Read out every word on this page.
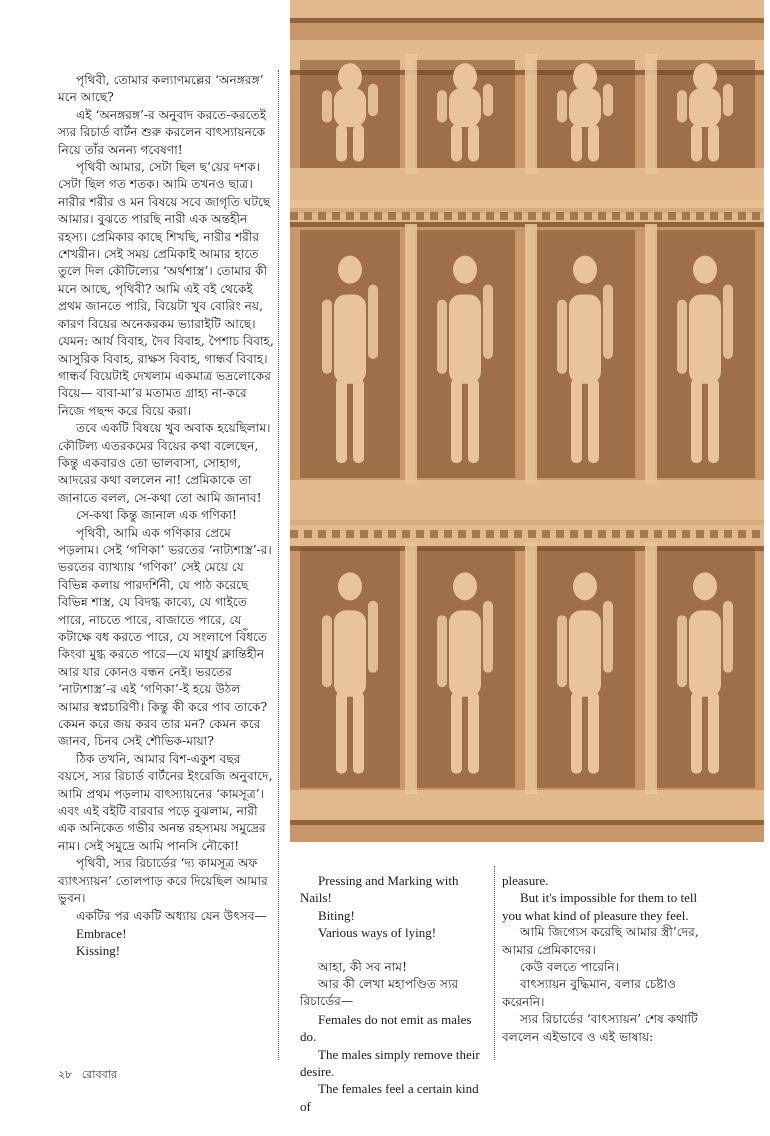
পৃথিবী, তোমার কল্যাণমল্লের ‘অনঙ্গরঙ্গ’ মনে আছে?

এই ‘অনঙ্গরঙ্গ’-র অনুবাদ করতে-করতেই স্যর রিচার্ড বার্টন শুরু করলেন বাৎস্যায়নকে নিয়ে তাঁর অনন্য গবেষণা!

পৃথিবী আমার, সেটা ছিল ছ’য়ের দশক। সেটা ছিল গত শতক। আমি তখনও ছাত্র। নারীর শরীর ও মন বিষয়ে সবে জাগৃতি ঘটছে আমার। বুঝতে পারছি নারী এক অন্তহীন রহস্য। প্রেমিকার কাছে শিখছি, নারীর শরীর শেখরীন। সেই সময় প্রেমিকাই আমার হাতে তুলে দিল কৌটিল্যের ‘অর্থশাস্ত্র’। তোমার কী মনে আছে, পৃথিবী? আমি এই বই থেকেই প্রথম জানতে পারি, বিয়েটা খুব বোরিং নয়, কারণ বিয়ের অনেকরকম ভ্যারাইটি আছে। যেমন: আর্য বিবাহ, দৈব বিবাহ, পৈশাচ বিবাহ, আসুরিক বিবাহ, রাক্ষস বিবাহ, গান্ধর্ব বিবাহ। গান্ধর্ব বিয়েটাই দেখলাম একমাত্র ভদ্রলোকের বিয়ে— বাবা-মা’র মতামত গ্রাহ্য না-করে নিজে পছন্দ করে বিয়ে করা।

তবে একটি বিষয়ে খুব অবাক হয়েছিলাম। কৌটিল্য এতরকমের বিয়ের কথা বলেছেন, কিন্তু একবারও তো ভালবাসা, সোহাগ, আদরের কথা বললেন না! প্রেমিকাকে তা জানাতে বলল, সে-কথা তো আমি জানাব!

সে-কথা কিন্তু জানাল এক গণিকা!

পৃথিবী, আমি এক গণিকার প্রেমে পড়লাম। সেই ‘গণিকা’ ভরতের ‘নাট্যশাস্ত্র’-র। ভরতের ব্যাখ্যায় ‘গণিকা’ সেই মেয়ে যে বিভিন্ন কলায় পারদর্শিনী, যে পাঠ করেছে বিভিন্ন শাস্ত্র, যে বিদগ্ধ কাব্যে, যে গাইতে পারে, নাচতে পারে, বাজাতে পারে, যে কটাক্ষে বধ করতে পারে, যে সংলাপে বিঁধতে কিংবা মুগ্ধ করতে পারে—যে মাধুর্য ক্লান্তিহীন আর যার কোনও বন্ধন নেই। ভরতের ‘নাট্যশাস্ত্র’-র এই ‘গণিকা’-ই হয়ে উঠল আমার স্বপ্নচারিণী। কিন্তু কী করে পাব তাকে? কেমন করে জয় করব তার মন? কেমন করে জানব, চিনব সেই শৌভিক-মায়া?

ঠিক তখনি, আমার বিশ-একুশ বছর বয়সে, স্যর রিচার্ড বার্টনের ইংরেজি অনুবাদে, আমি প্রথম পড়লাম বাৎস্যায়নের ‘কামসূত্র’। এবং এই বইটি বারবার পড়ে বুঝলাম, নারী এক অনিকেত গভীর অনন্ত রহস্যময় সমুদ্রের নাম। সেই সমুদ্রে আমি পানসি নৌকো!

পৃথিবী, স্যর রিচার্ডের ‘দ্য কামসূত্র অফ ব্যাৎস্যায়ন’ তোলপাড় করে দিয়েছিল আমার ভুবন।

একটির পর একটি অধ্যায় যেন উৎসব—

Embrace!

Kissing!

Pressing and Marking with Nails!

Biting!

Various ways of lying!

আহা, কী সব নাম!

আর কী লেখা মহাপণ্ডিত স্যর রিচার্ডের—

Females do not emit as males do.

The males simply remove their desire.

The females feel a certain kind of

pleasure.

But it's impossible for them to tell you what kind of pleasure they feel.

আমি জিগ্যেস করেছি আমার স্ত্রী’দের, আমার প্রেমিকাদের।

কেউ বলতে পারেনি।

বাৎস্যায়ন বুদ্ধিমান, বলার চেষ্টাও করেননি।

স্যর রিচার্ডের ‘বাৎস্যায়ন’ শেষ কথাটি বললেন এইভাবে ও এই ভাষায়:

২৮ রোববার
